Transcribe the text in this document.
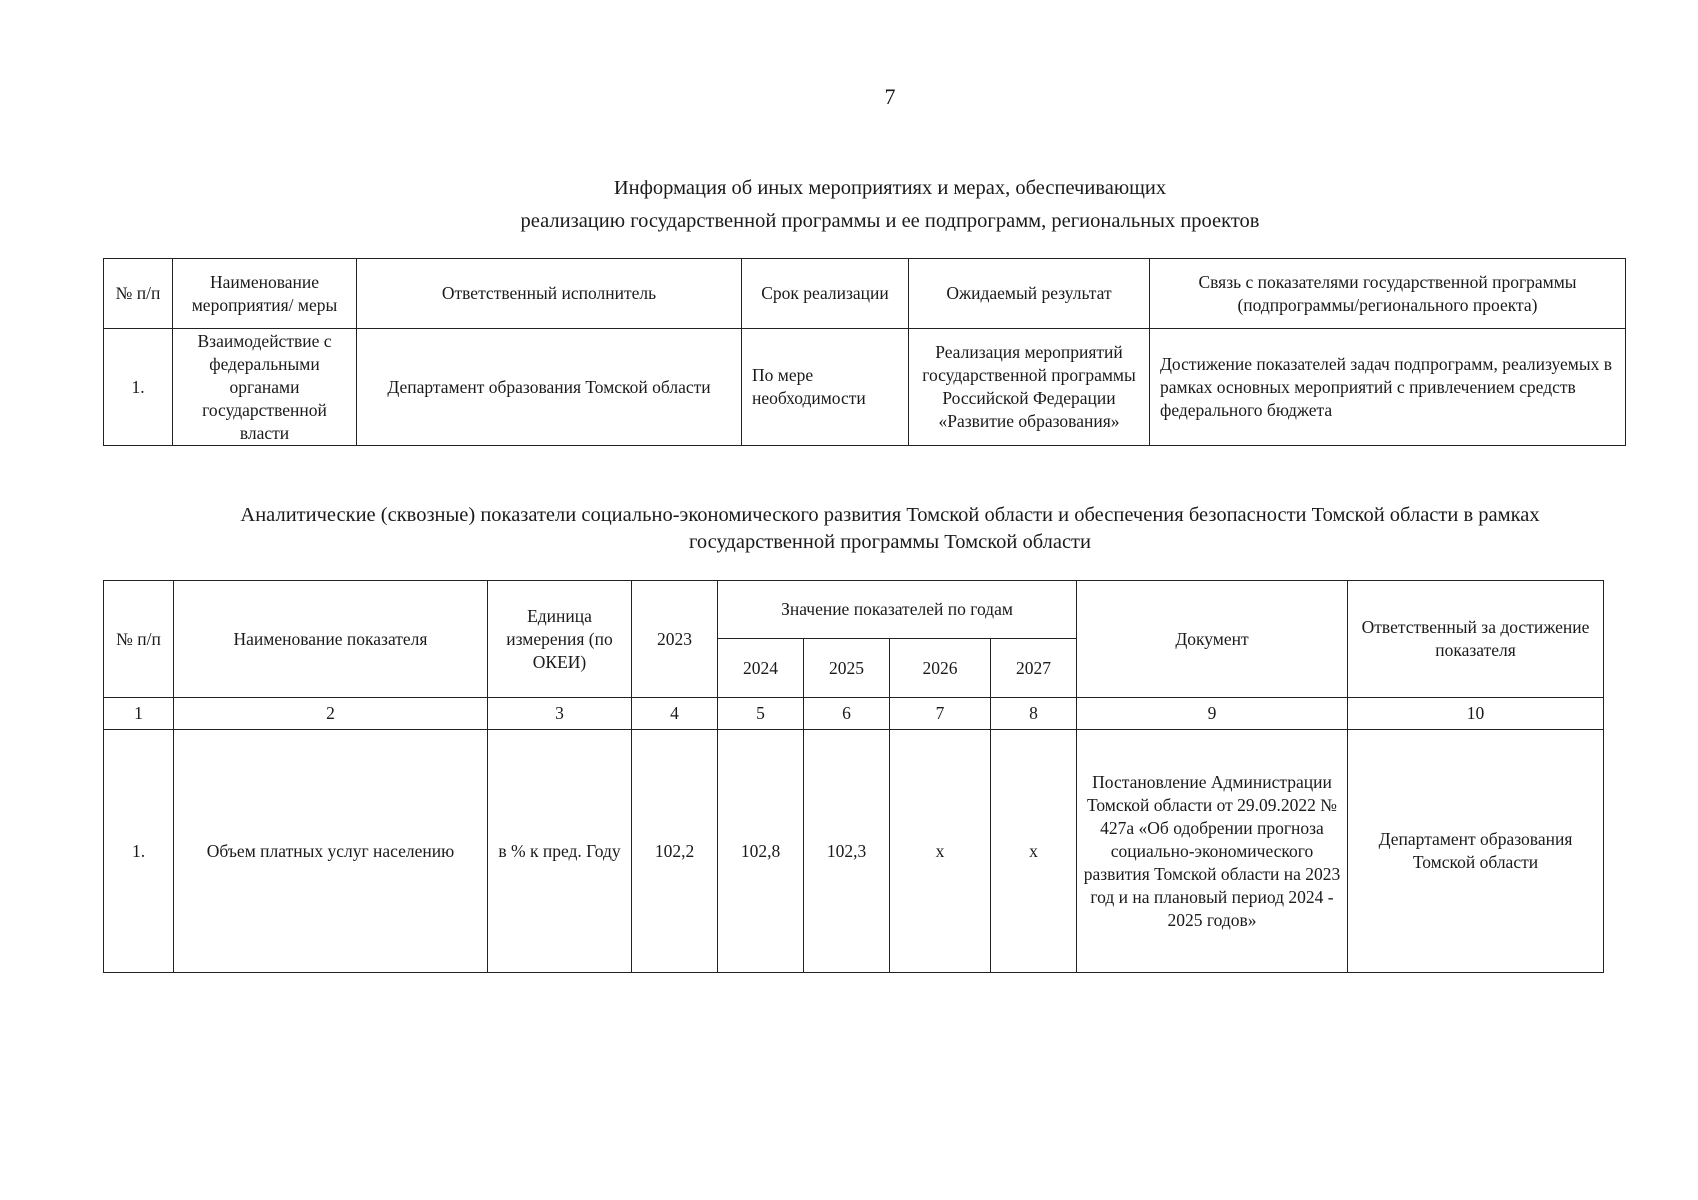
7
Информация об иных мероприятиях и мерах, обеспечивающих
реализацию государственной программы и ее подпрограмм, региональных проектов
№ п/п	Наименование мероприятия/ меры	Ответственный исполнитель	Срок реализации	Ожидаемый результат	Связь с показателями государственной программы (подпрограммы/регионального проекта)
1.	Взаимодействие с федеральными органами государственной власти	Департамент образования Томской области	По мере необходимости	Реализация мероприятий государственной программы Российской Федерации «Развитие образования»	Достижение показателей задач подпрограмм, реализуемых в рамках основных мероприятий с привлечением средств федерального бюджета
Аналитические (сквозные) показатели социально-экономического развития Томской области и обеспечения безопасности Томской области в рамках
государственной программы Томской области
№ п/п	Наименование показателя	Единица измерения (по ОКЕИ)	2023	Значение показателей по годам				Документ	Ответственный за достижение показателя
				2024	2025	2026	2027		
1	2	3	4	5	6	7	8	9	10
1.	Объем платных услуг населению	в % к пред. Году	102,2	102,8	102,3	х	х	Постановление Администрации Томской области от 29.09.2022 № 427а «Об одобрении прогноза социально-экономического развития Томской области на 2023 год и на плановый период 2024 - 2025 годов»	Департамент образования Томской области
